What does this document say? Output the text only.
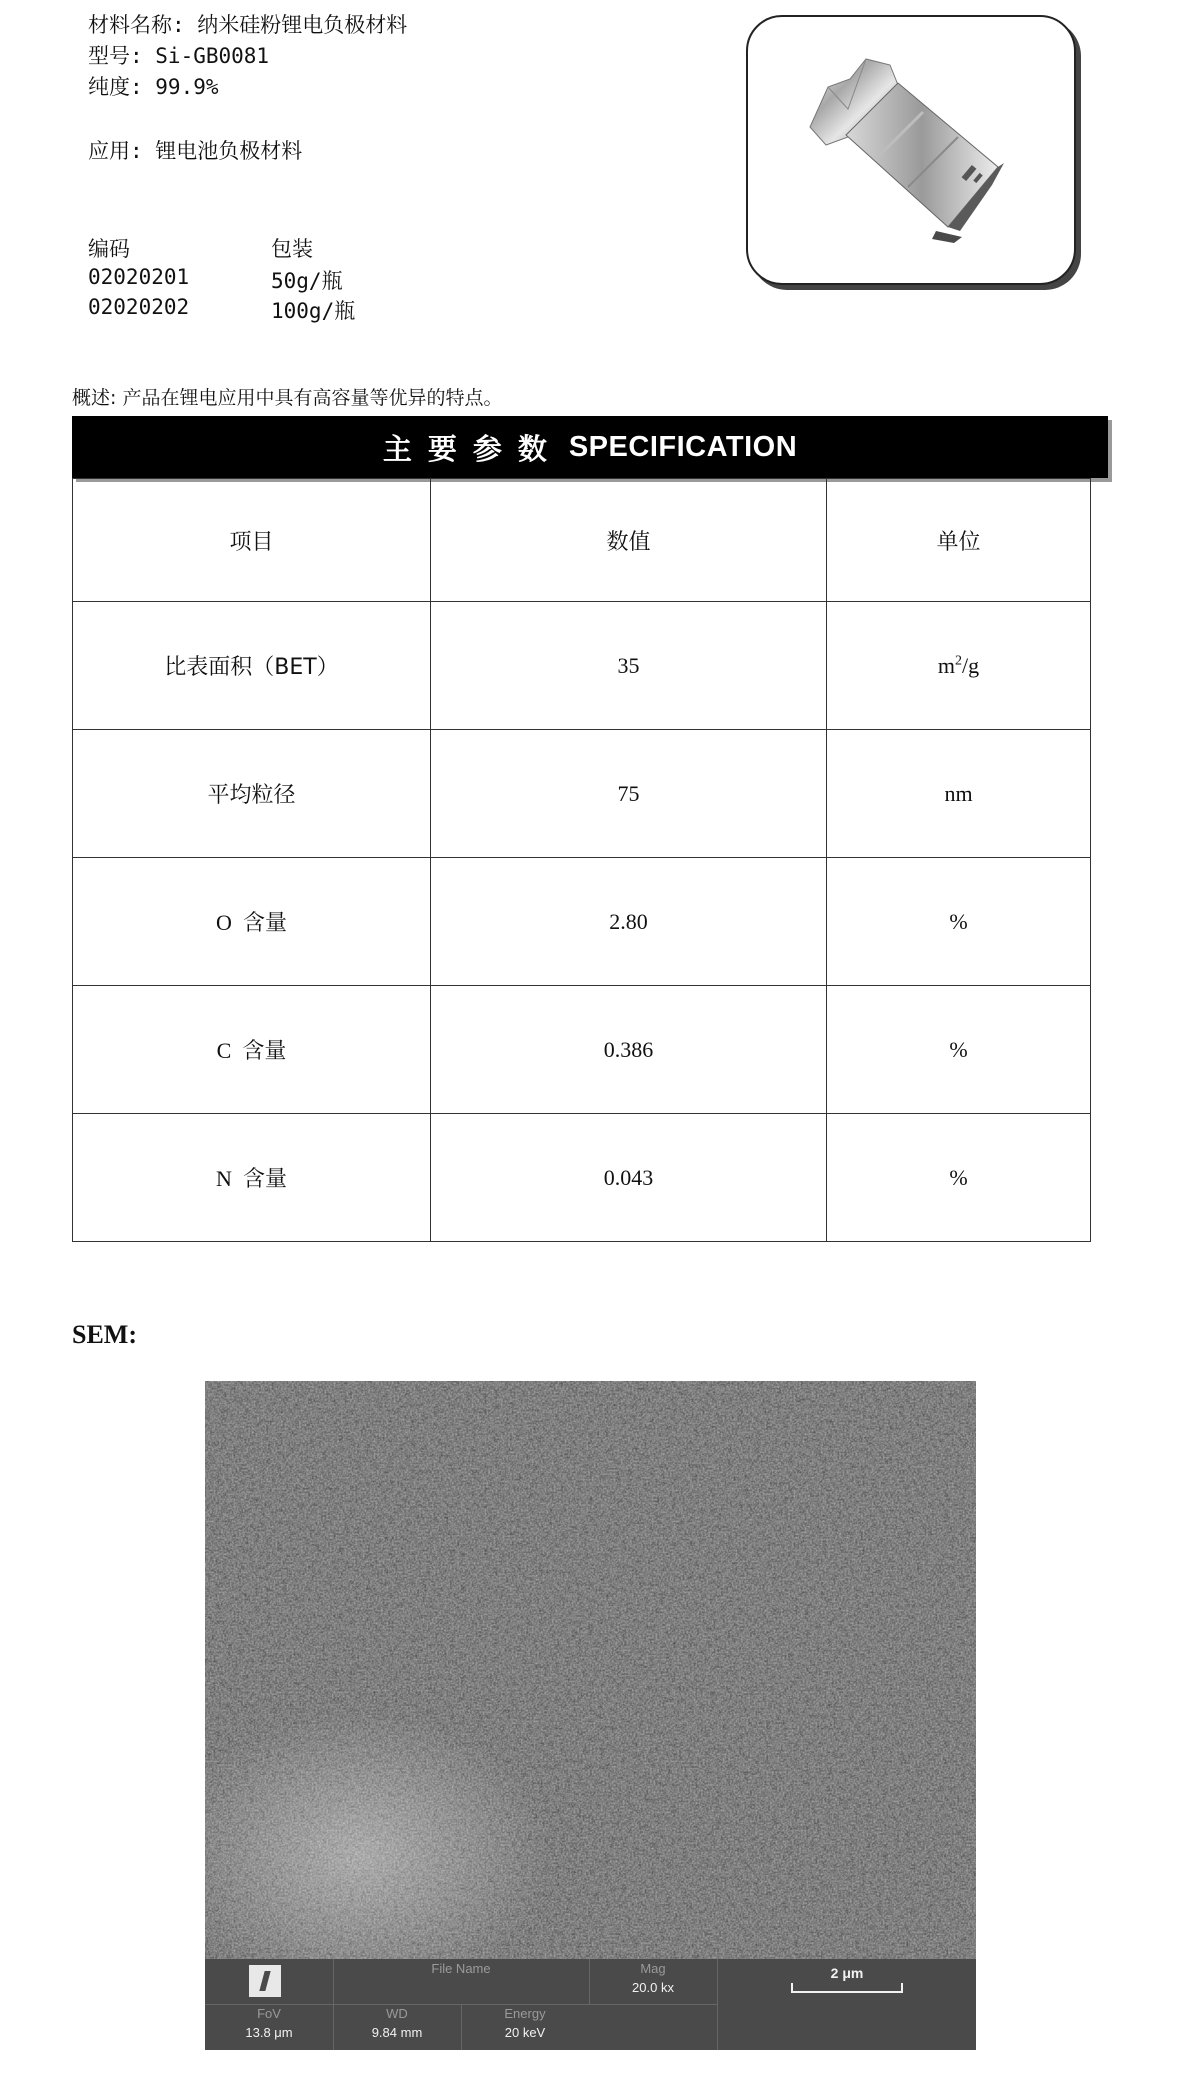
材料名称: 纳米硅粉锂电负极材料
型号: Si-GB0081
纯度: 99.9%
应用: 锂电池负极材料
编码	包装
02020201	50g/瓶
02020202	100g/瓶
概述: 产品在锂电应用中具有高容量等优异的特点。
主要参数 SPECIFICATION
项目	数值	单位
比表面积（BET）	35	$m^2/g$
平均粒径	75	nm
O 含量	2.80	%
C 含量	0.386	%
N 含量	0.043	%
SEM:
File Name	Mag
20.0 kx
2 μm
FoV
13.8 μm
WD
9.84 mm
Energy
20 keV
